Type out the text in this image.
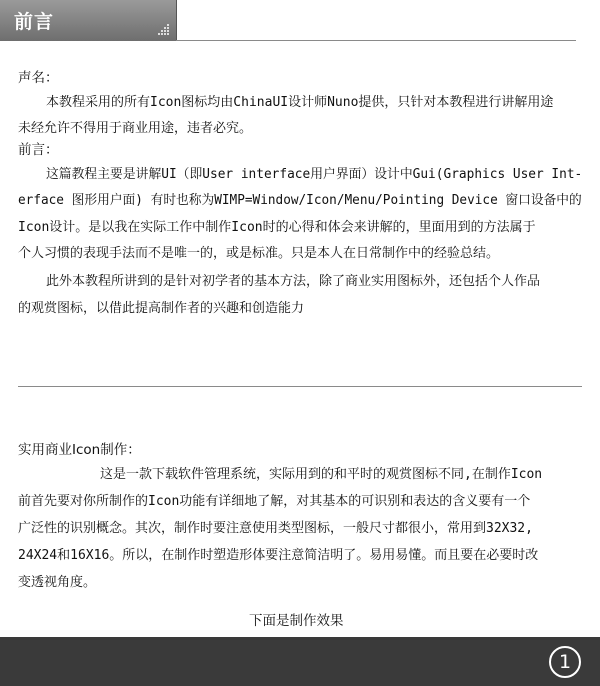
前言

声名：

本教程采用的所有Icon图标均由ChinaUI设计师Nuno提供，只针对本教程进行讲解用途

未经允许不得用于商业用途，违者必究。

前言：

这篇教程主要是讲解UI（即User interface用户界面）设计中Gui(Graphics User Int-

erface 图形用户面) 有时也称为WIMP=Window/Icon/Menu/Pointing Device 窗口设备中的

Icon设计。是以我在实际工作中制作Icon时的心得和体会来讲解的，里面用到的方法属于

个人习惯的表现手法而不是唯一的，或是标准。只是本人在日常制作中的经验总结。

此外本教程所讲到的是针对初学者的基本方法，除了商业实用图标外，还包括个人作品

的观赏图标，以借此提高制作者的兴趣和创造能力

实用商业Icon制作：

这是一款下载软件管理系统，实际用到的和平时的观赏图标不同,在制作Icon

前首先要对你所制作的Icon功能有详细地了解，对其基本的可识别和表达的含义要有一个

广泛性的识别概念。其次，制作时要注意使用类型图标，一般尺寸都很小，常用到32X32,

24X24和16X16。所以，在制作时塑造形体要注意简洁明了。易用易懂。而且要在必要时改

变透视角度。

下面是制作效果

1
